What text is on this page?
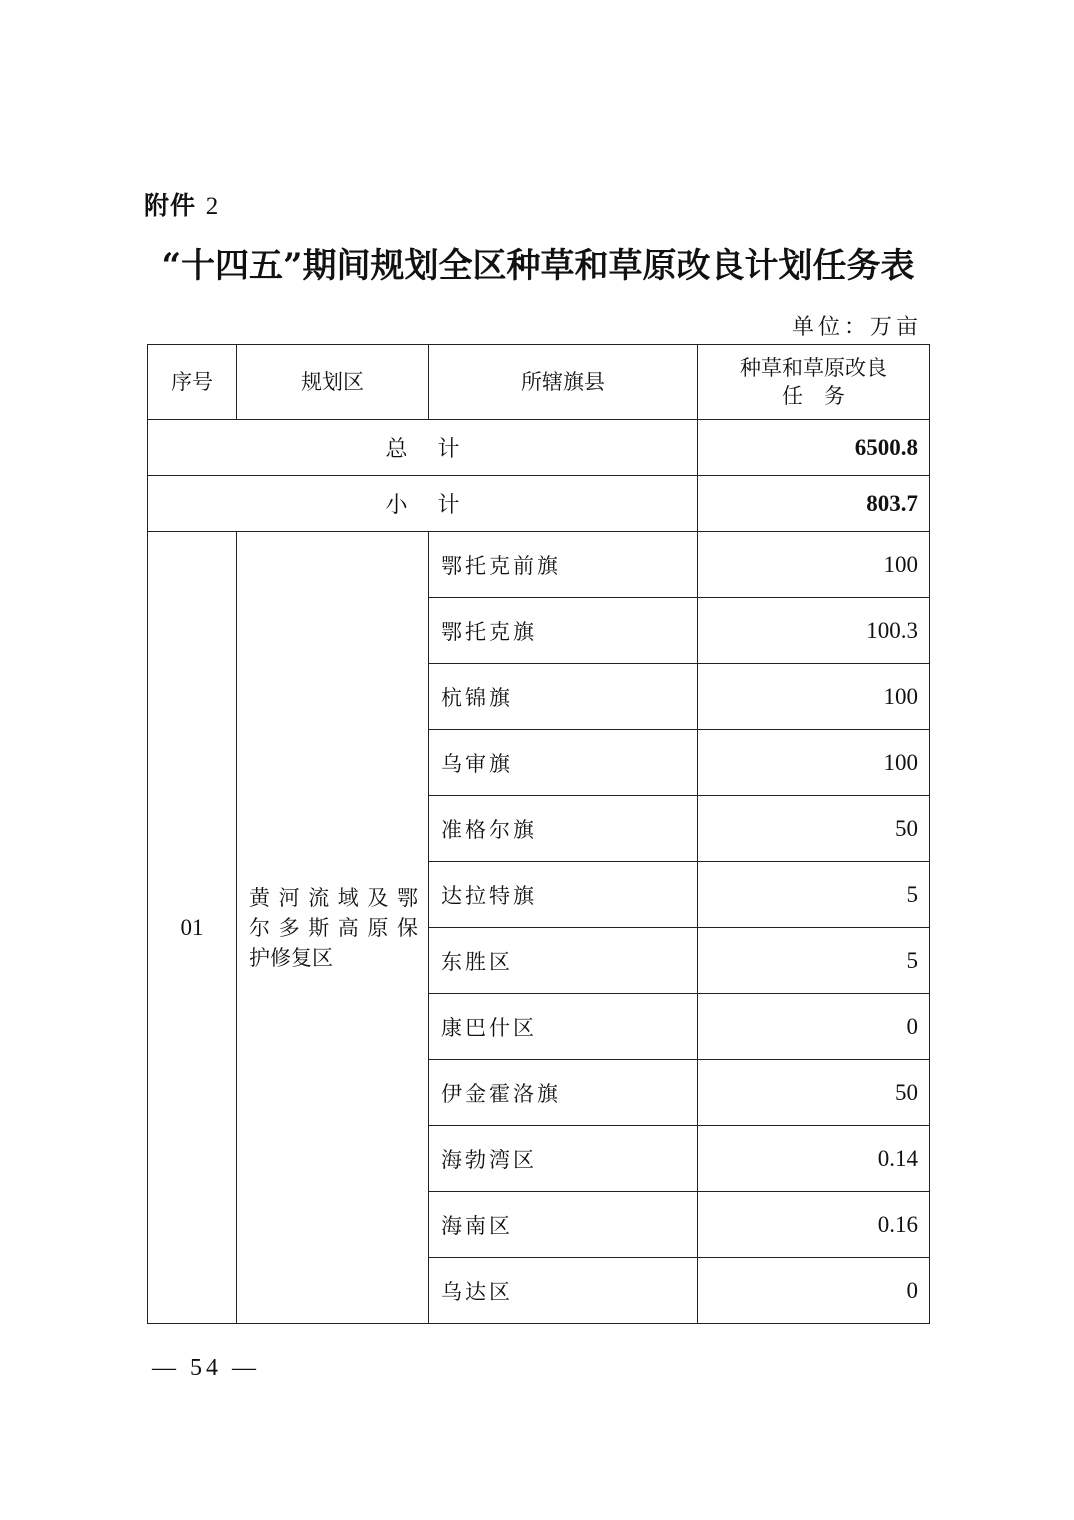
附件 2
“十四五”期间规划全区种草和草原改良计划任务表
单位：万亩
序号	规划区	所辖旗县	种草和草原改良
任　务

总计			6500.8
小计			803.7
01	黄河流域及鄂
尔多斯高原保
护修复区	鄂托克前旗	100
		鄂托克旗	100.3
		杭锦旗	100
		乌审旗	100
		准格尔旗	50
		达拉特旗	5
		东胜区	5
		康巴什区	0
		伊金霍洛旗	50
		海勃湾区	0.14
		海南区	0.16
		乌达区	0
— 54 —
